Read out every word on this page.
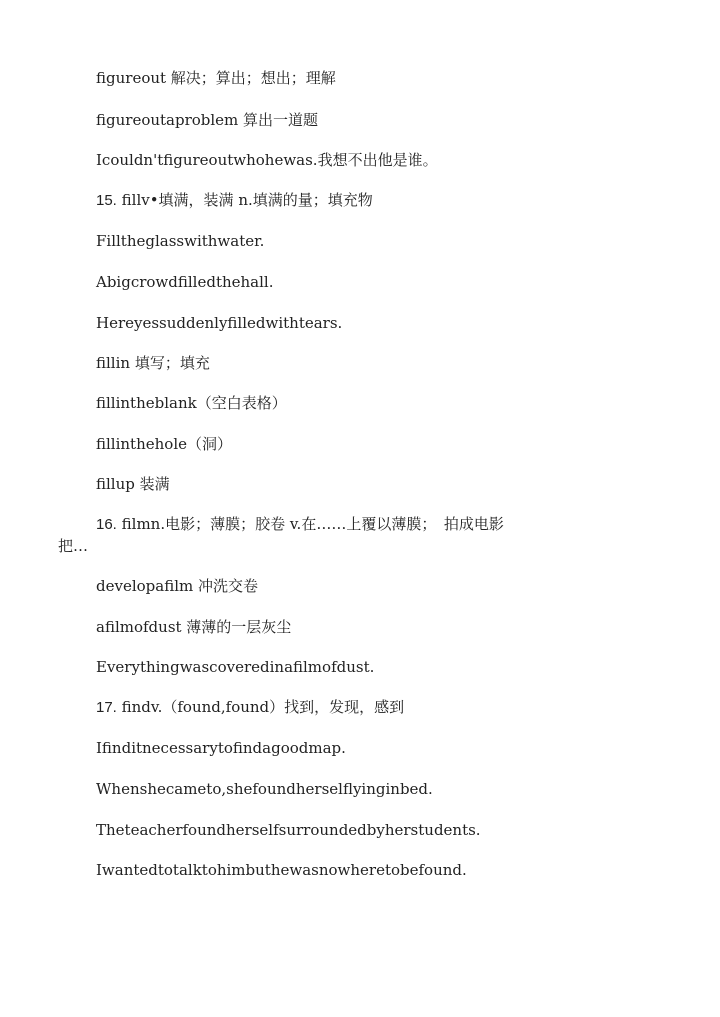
figureout 解决；算出；想出；理解
figureoutaproblem 算出一道题
Icouldn'tfigureoutwhohewas.我想不出他是谁。
15. fillv•填满，装满 n.填满的量；填充物
Filltheglasswithwater.
Abigcrowdfilledthehall.
Hereyessuddenlyfilledwithtears.
fillin 填写；填充
fillintheblank（空白表格）
fillinthehole（洞）
fillup 装满
16. filmn.电影；薄膜；胶卷 v.在……上覆以薄膜；　拍成电影
把…
developafilm 冲洗交卷
afilmofdust 薄薄的一层灰尘
Everythingwascoveredinafilmofdust.
17. findv.（found,found）找到，发现，感到
Ifinditnecessarytofindagoodmap.
Whenshecameto,shefoundherselflyinginbed.
Theteacherfoundherselfsurroundedbyherstudents.
Iwantedtotalktohimbuthewasnowheretobefound.
